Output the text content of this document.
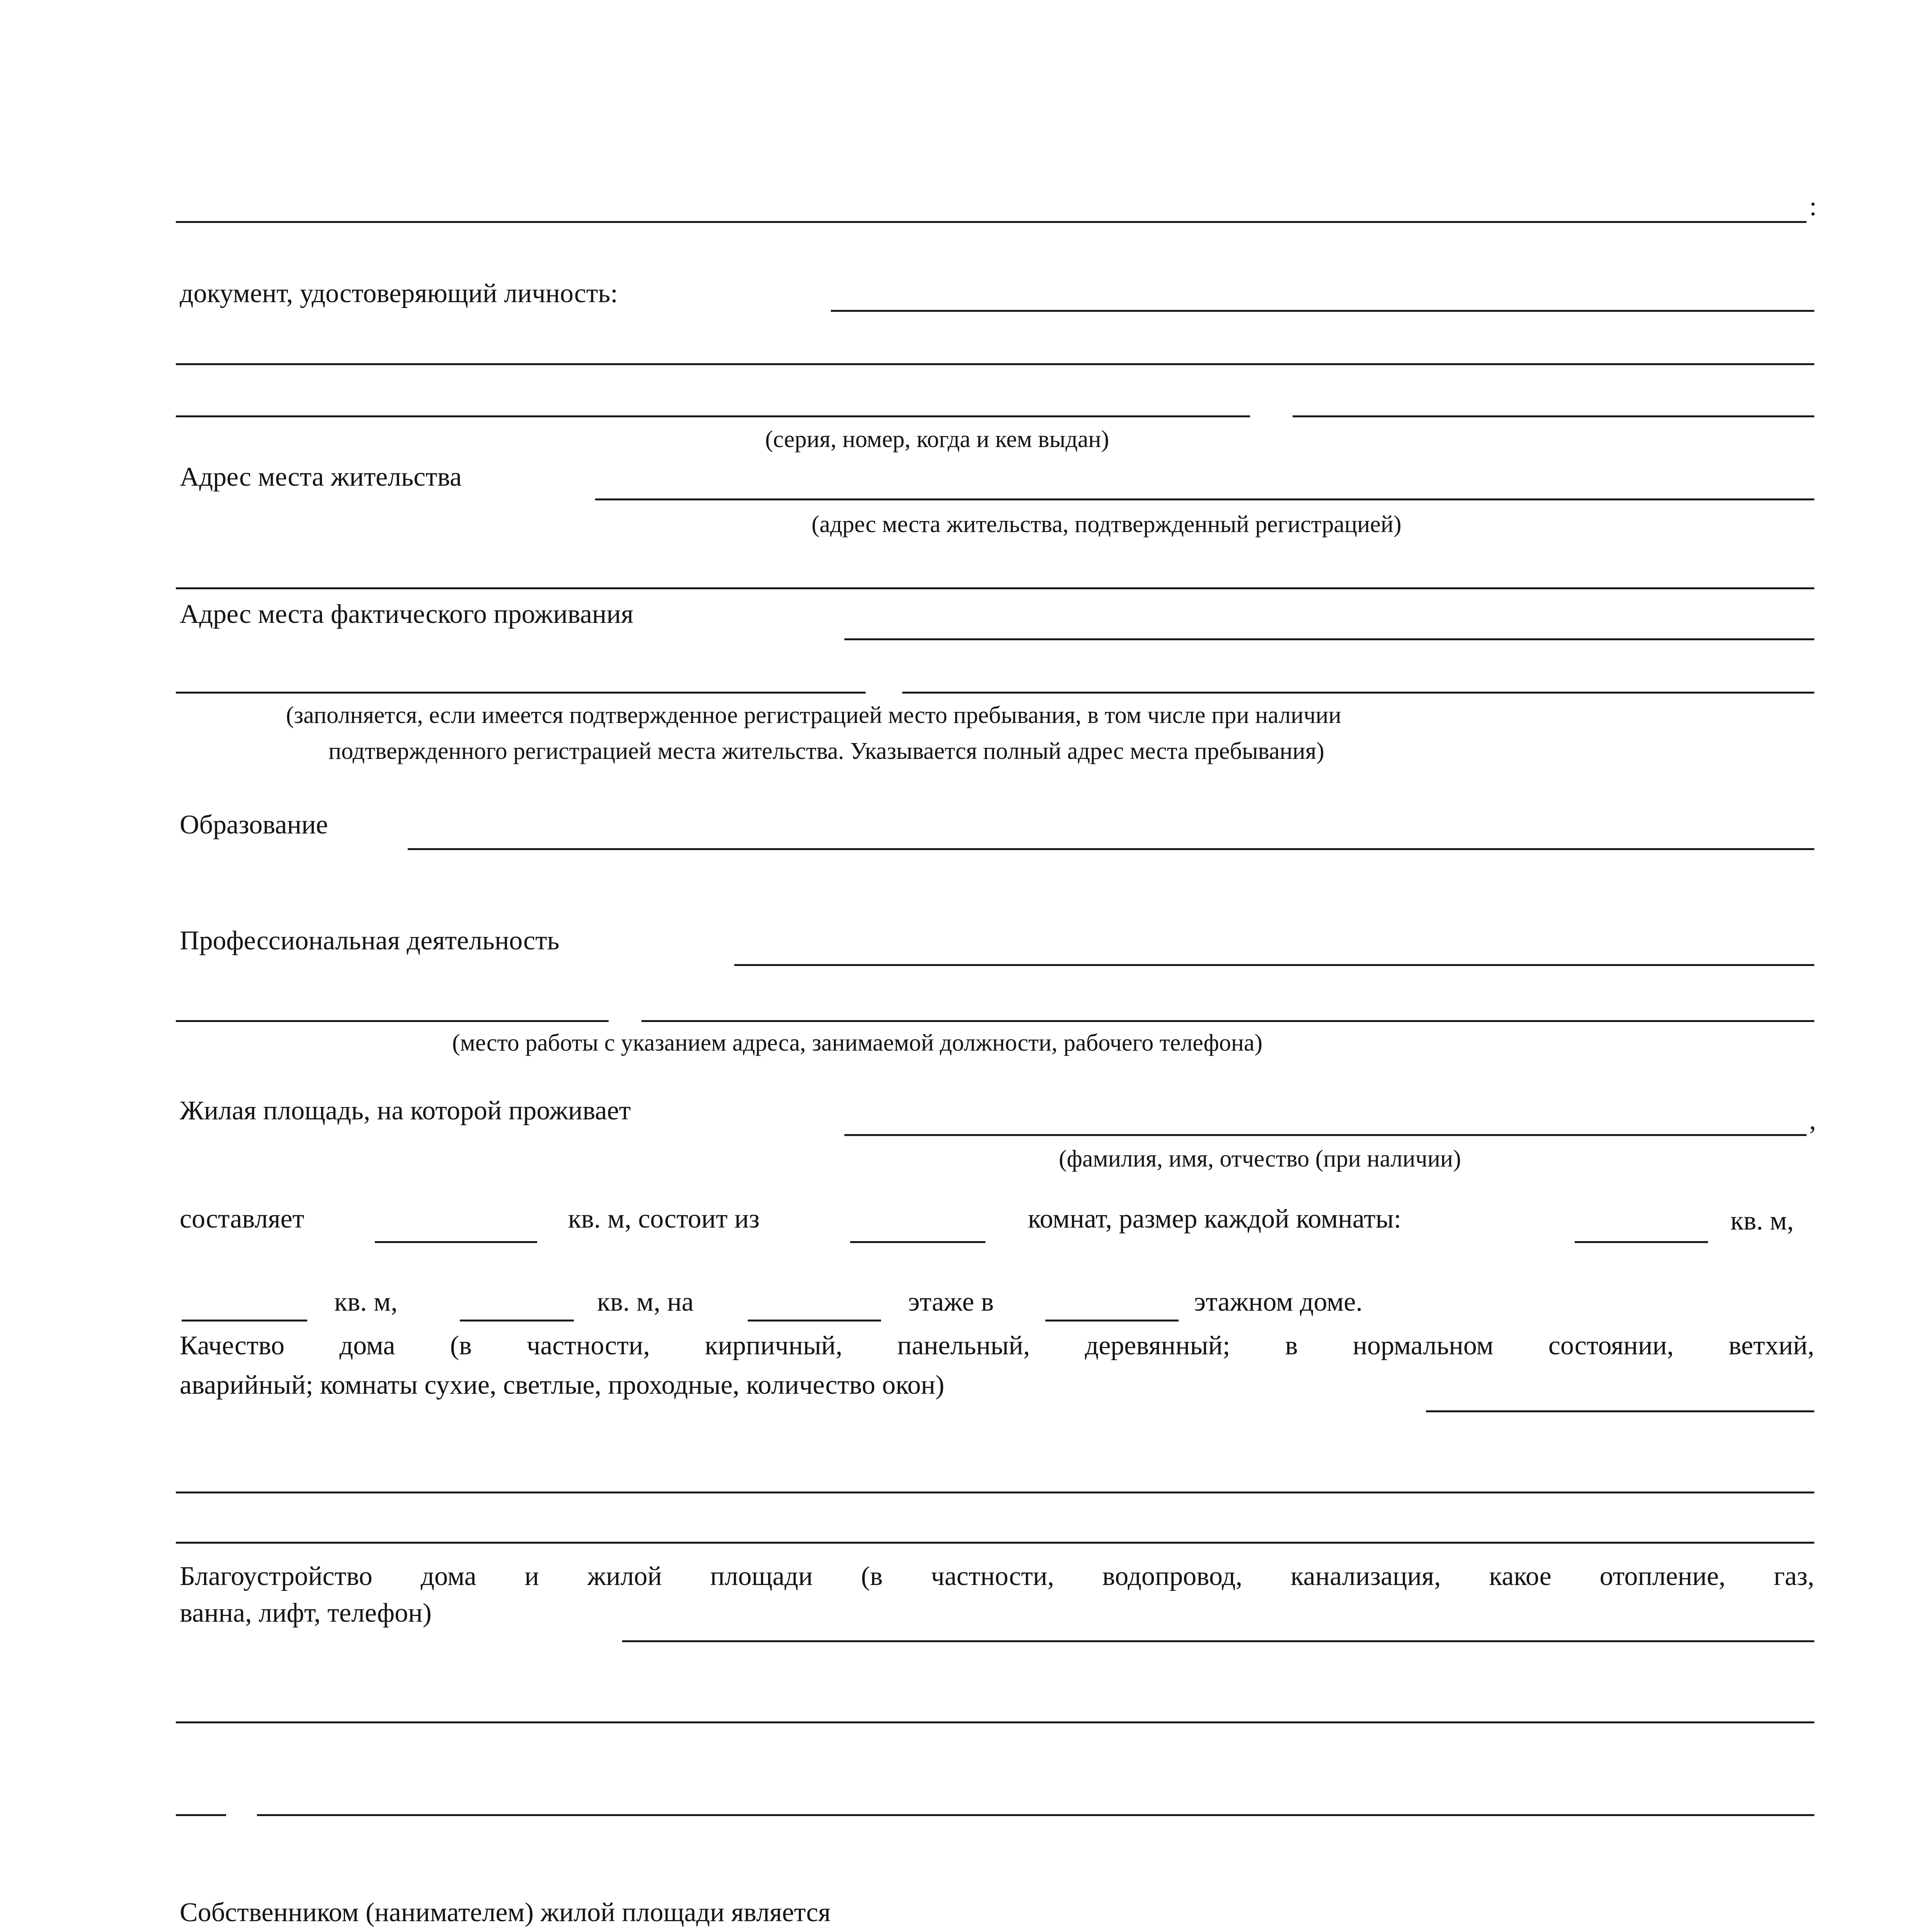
:
документ, удостоверяющий личность:
(серия, номер, когда и кем выдан)
Адрес места жительства
(адрес места жительства, подтвержденный регистрацией)
Адрес места фактического проживания
(заполняется, если имеется подтвержденное регистрацией место пребывания, в том числе при наличии
подтвержденного регистрацией места жительства. Указывается полный адрес места пребывания)
Образование
Профессиональная деятельность
(место работы с указанием адреса, занимаемой должности, рабочего телефона)
Жилая площадь, на которой проживает	,
(фамилия, имя, отчество (при наличии)
составляет	кв. м, состоит из	комнат, размер каждой комнаты:	кв. м,
кв. м,	кв. м, на	этаже в	этажном доме.
Качество дома (в частности, кирпичный, панельный, деревянный; в нормальном состоянии, ветхий,
аварийный; комнаты сухие, светлые, проходные, количество окон)
Благоустройство дома и жилой площади (в частности, водопровод, канализация, какое отопление, газ,
ванна, лифт, телефон)
Собственником (нанимателем) жилой площади является
